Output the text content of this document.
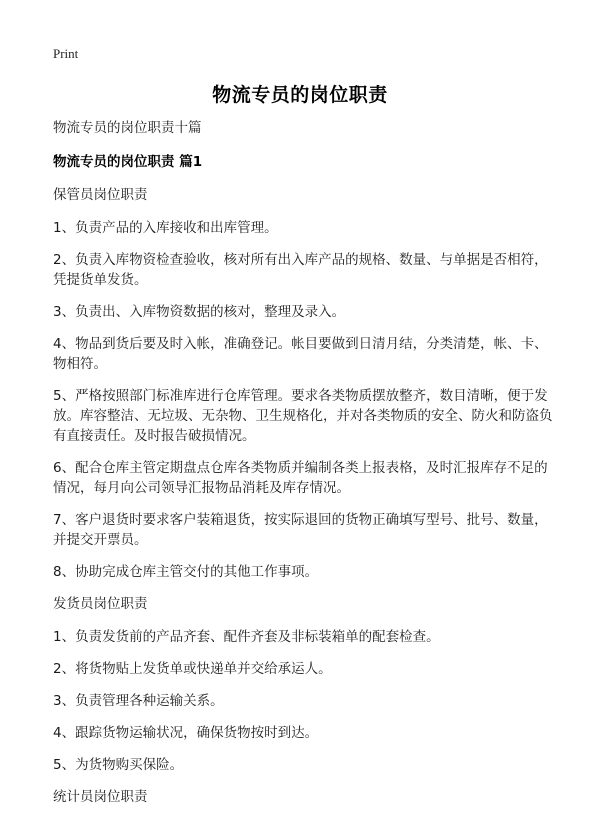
Print
物流专员的岗位职责

物流专员的岗位职责十篇

物流专员的岗位职责 篇1

保管员岗位职责

1、负责产品的入库接收和出库管理。

2、负责入库物资检查验收，核对所有出入库产品的规格、数量、与单据是否相符，凭提货单发货。

3、负责出、入库物资数据的核对，整理及录入。

4、物品到货后要及时入帐，准确登记。帐目要做到日清月结，分类清楚，帐、卡、物相符。

5、严格按照部门标准库进行仓库管理。要求各类物质摆放整齐，数目清晰，便于发放。库容整洁、无垃圾、无杂物、卫生规格化，并对各类物质的安全、防火和防盗负有直接责任。及时报告破损情况。

6、配合仓库主管定期盘点仓库各类物质并编制各类上报表格，及时汇报库存不足的情况，每月向公司领导汇报物品消耗及库存情况。

7、客户退货时要求客户装箱退货，按实际退回的货物正确填写型号、批号、数量，并提交开票员。

8、协助完成仓库主管交付的其他工作事项。

发货员岗位职责

1、负责发货前的产品齐套、配件齐套及非标装箱单的配套检查。

2、将货物贴上发货单或快递单并交给承运人。

3、负责管理各种运输关系。

4、跟踪货物运输状况，确保货物按时到达。

5、为货物购买保险。

统计员岗位职责
